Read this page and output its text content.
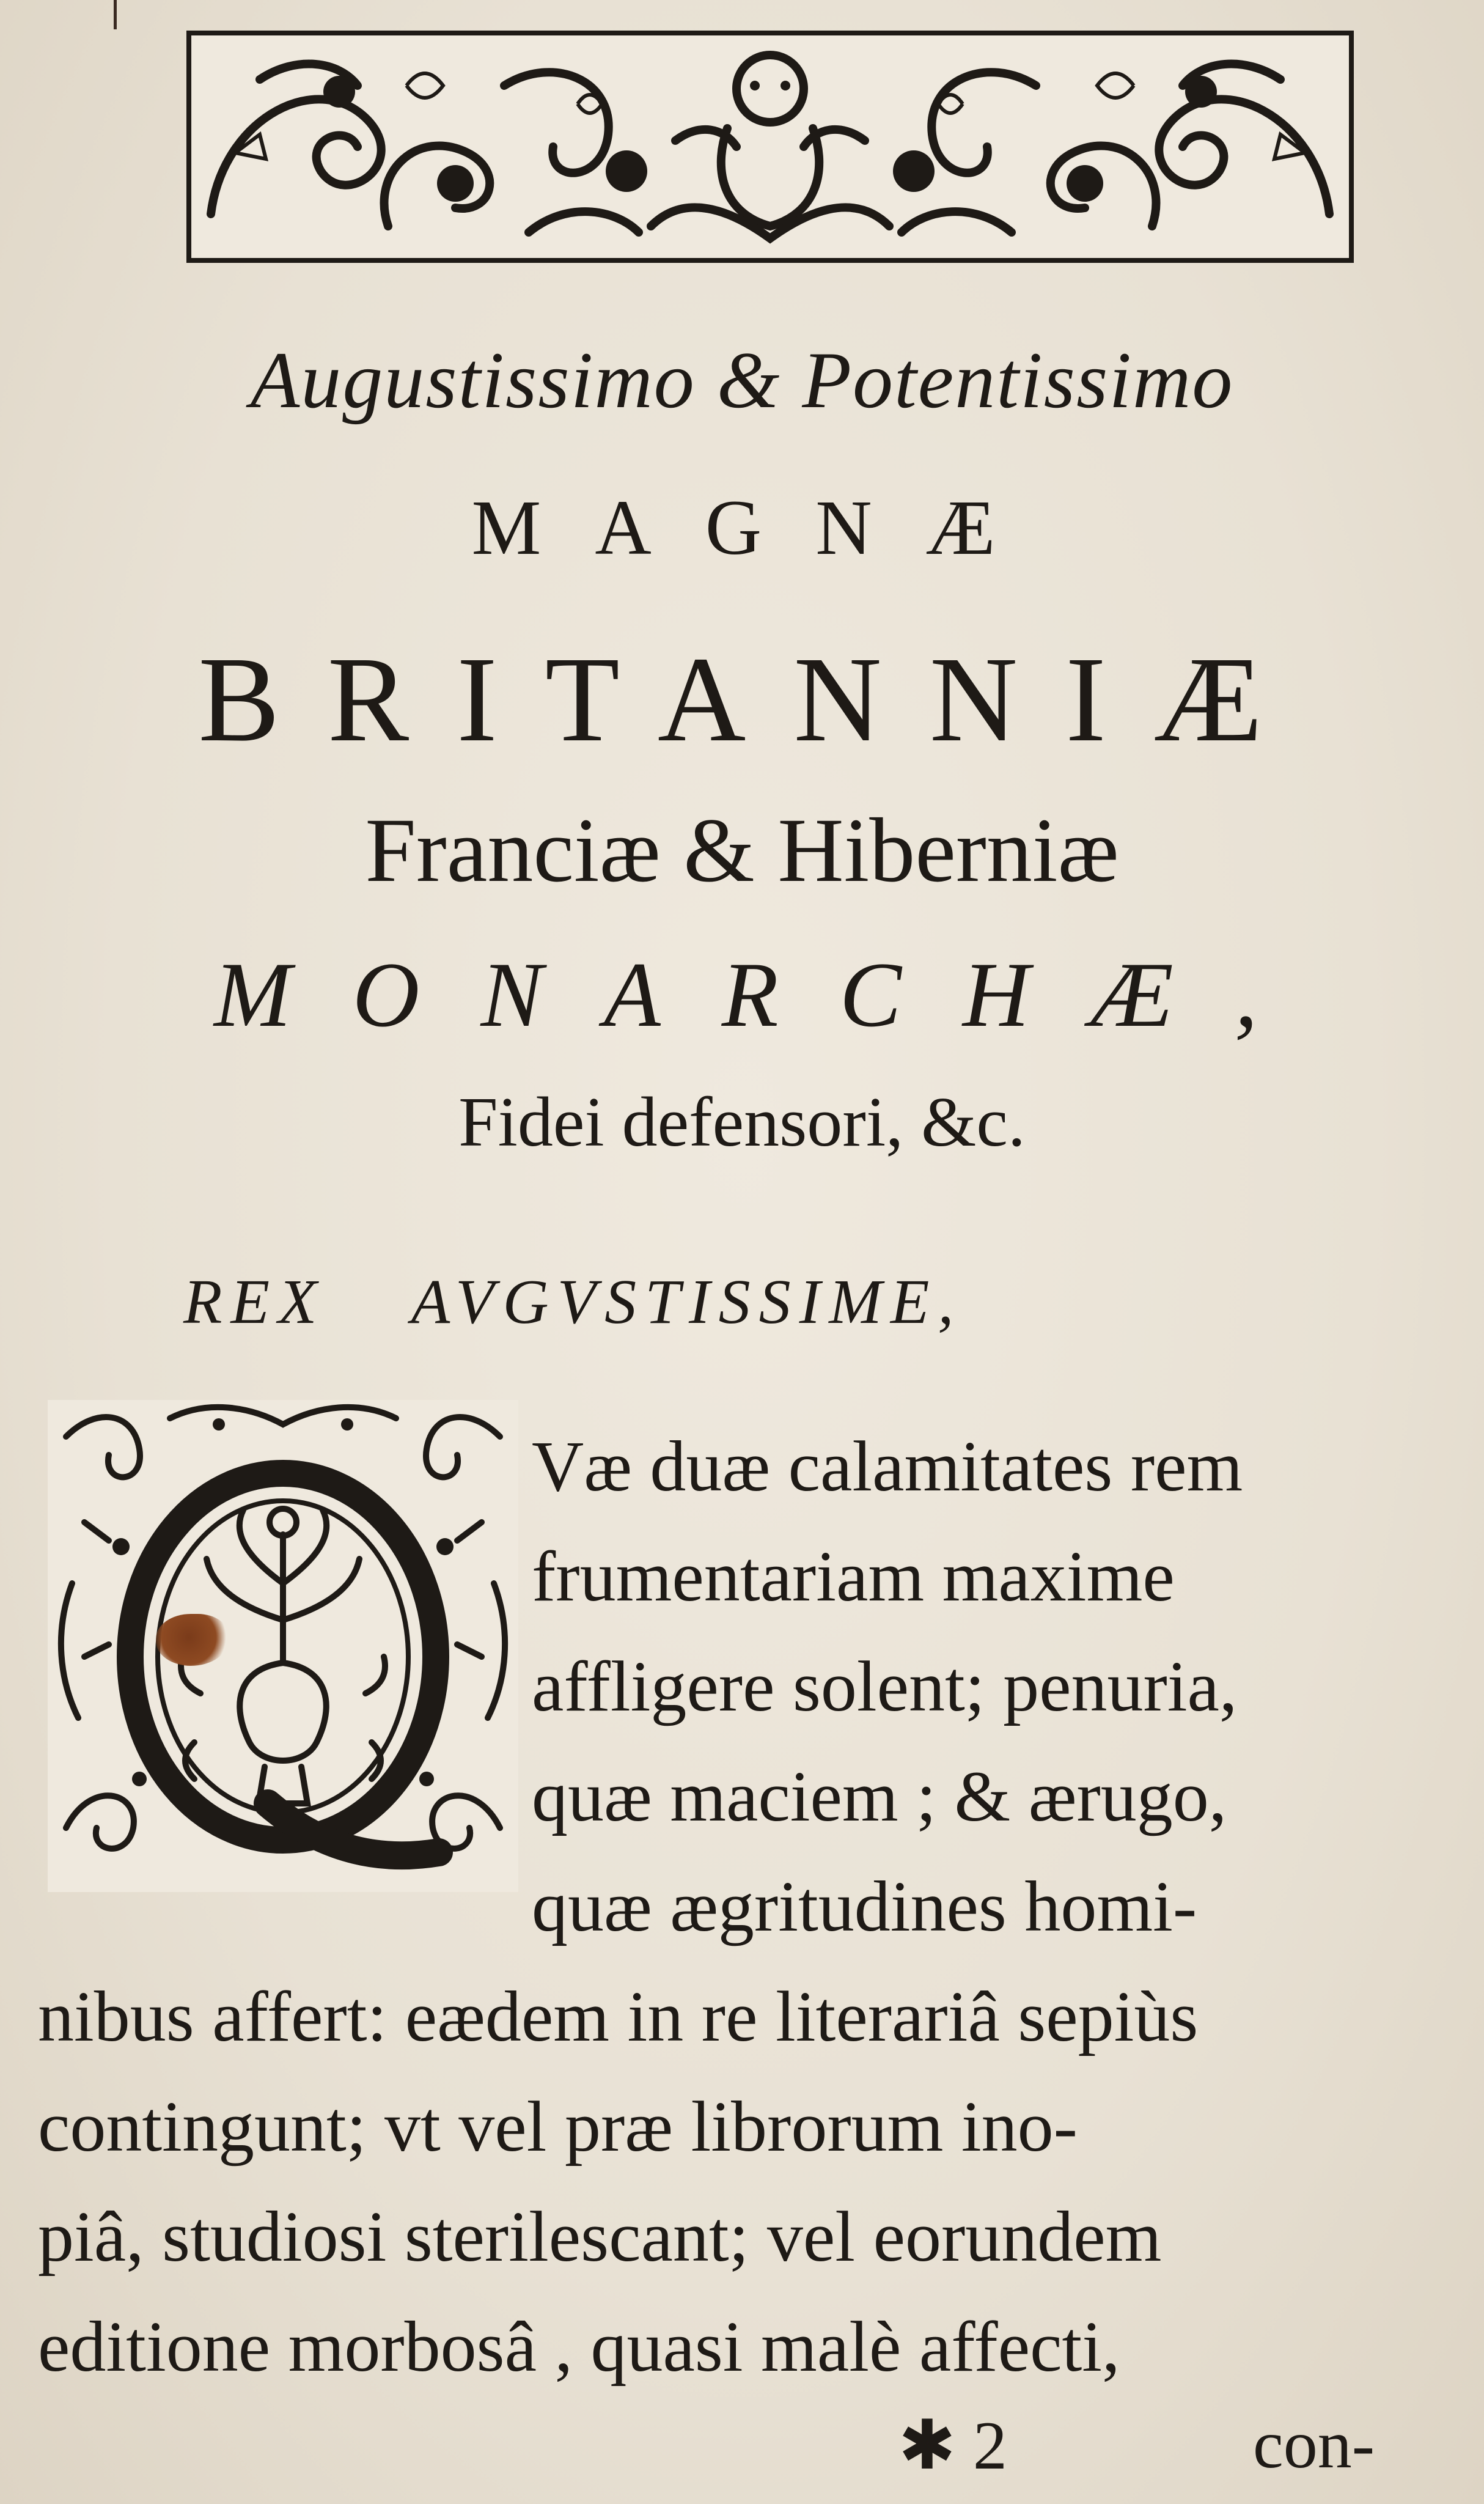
Augustissimo & Potentissimo
MAGNÆ
BRITANNIÆ
Franciæ & Hiberniæ
MONARCHÆ,
Fidei defensori, &c.
REX AVGVSTISSIME,
Væ duæ calamitates rem
frumentariam maxime
affligere solent; penuria,
quæ maciem ; & ærugo,
quæ ægritudines homi-
nibus affert: eædem in re literariâ sepiùs
contingunt; vt vel præ librorum ino-
piâ, studiosi sterilescant; vel eorundem
editione morbosâ , quasi malè affecti,
✱ 2	con-
